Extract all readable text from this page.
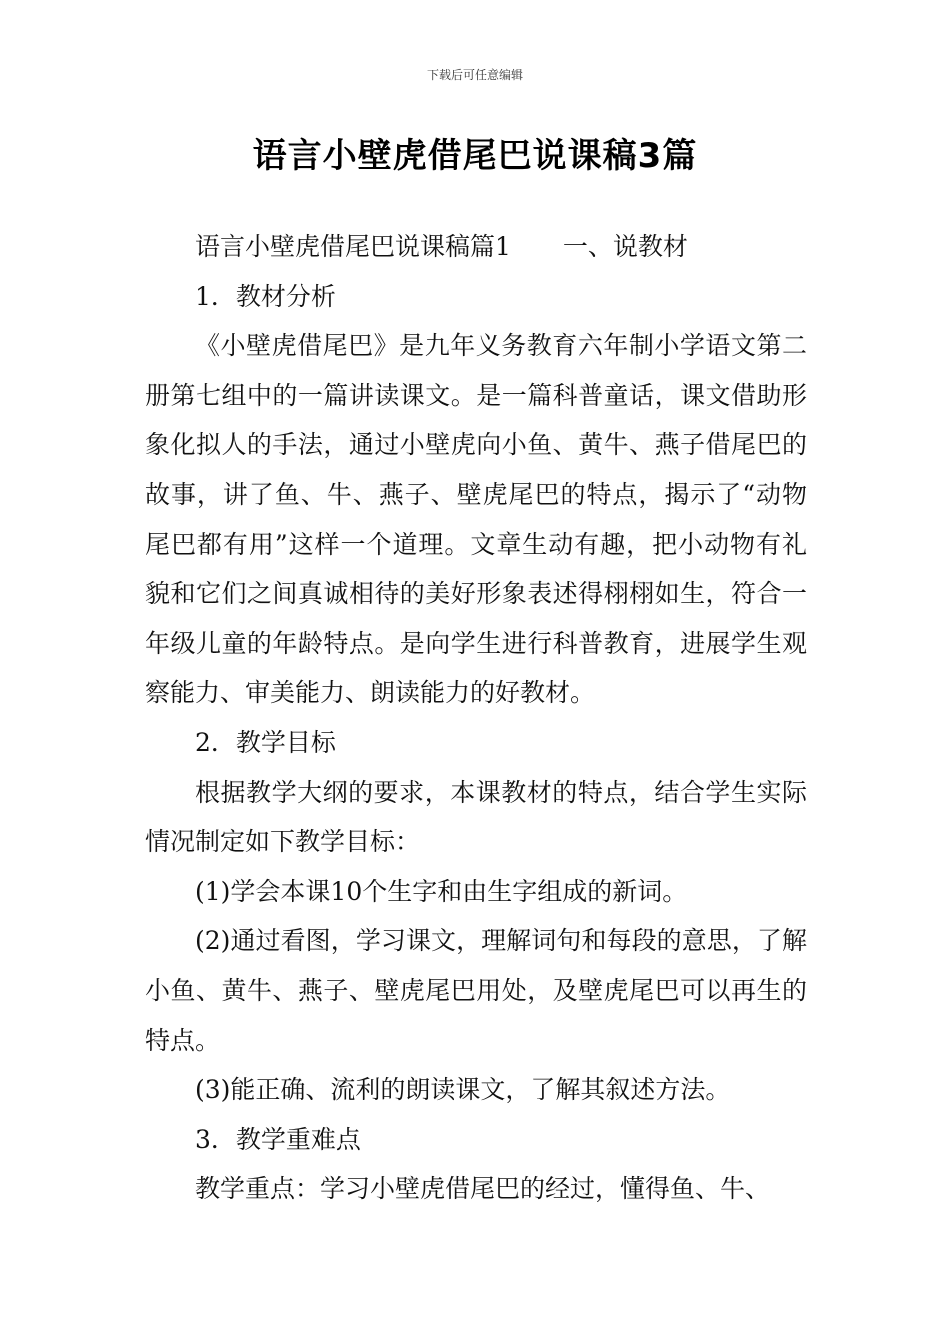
下载后可任意编辑
语言小壁虎借尾巴说课稿3篇

语言小壁虎借尾巴说课稿篇1 一、说教材

1．教材分析

《小壁虎借尾巴》是九年义务教育六年制小学语文第二册第七组中的一篇讲读课文。是一篇科普童话，课文借助形象化拟人的手法，通过小壁虎向小鱼、黄牛、燕子借尾巴的故事，讲了鱼、牛、燕子、壁虎尾巴的特点，揭示了“动物尾巴都有用”这样一个道理。文章生动有趣，把小动物有礼貌和它们之间真诚相待的美好形象表述得栩栩如生，符合一年级儿童的年龄特点。是向学生进行科普教育，进展学生观察能力、审美能力、朗读能力的好教材。

2．教学目标

根据教学大纲的要求，本课教材的特点，结合学生实际情况制定如下教学目标：

(1)学会本课10个生字和由生字组成的新词。

(2)通过看图，学习课文，理解词句和每段的意思，了解小鱼、黄牛、燕子、壁虎尾巴用处，及壁虎尾巴可以再生的特点。

(3)能正确、流利的朗读课文，了解其叙述方法。

3．教学重难点

教学重点：学习小壁虎借尾巴的经过，懂得鱼、牛、
